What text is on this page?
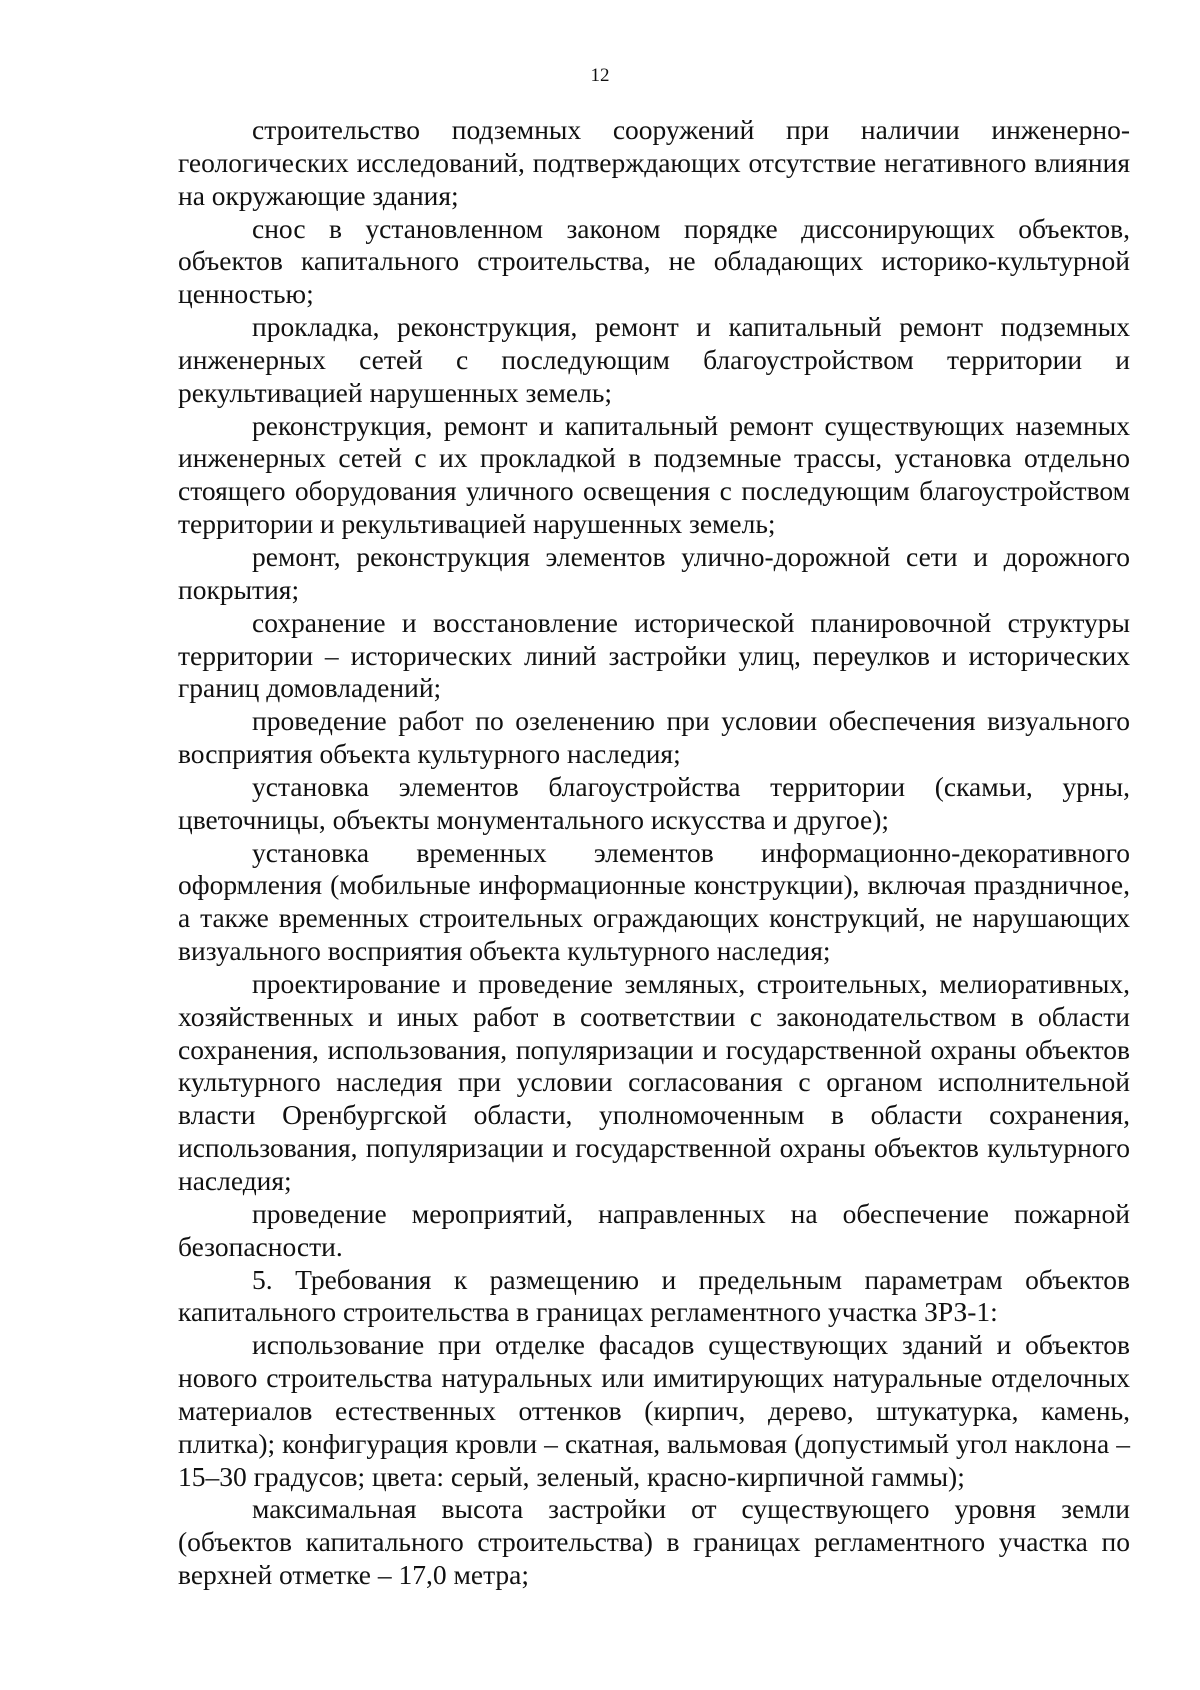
12

строительство подземных сооружений при наличии инженерно-геологических исследований, подтверждающих отсутствие негативного влияния на окружающие здания;

снос в установленном законом порядке диссонирующих объектов, объектов капитального строительства, не обладающих историко-культурной ценностью;

прокладка, реконструкция, ремонт и капитальный ремонт подземных инженерных сетей с последующим благоустройством территории и рекультивацией нарушенных земель;

реконструкция, ремонт и капитальный ремонт существующих наземных инженерных сетей с их прокладкой в подземные трассы, установка отдельно стоящего оборудования уличного освещения с последующим благоустройством территории и рекультивацией нарушенных земель;

ремонт, реконструкция элементов улично-дорожной сети и дорожного покрытия;

сохранение и восстановление исторической планировочной структуры территории – исторических линий застройки улиц, переулков и исторических границ домовладений;

проведение работ по озеленению при условии обеспечения визуального восприятия объекта культурного наследия;

установка элементов благоустройства территории (скамьи, урны, цветочницы, объекты монументального искусства и другое);

установка временных элементов информационно-декоративного оформления (мобильные информационные конструкции), включая праздничное, а также временных строительных ограждающих конструкций, не нарушающих визуального восприятия объекта культурного наследия;

проектирование и проведение земляных, строительных, мелиоративных, хозяйственных и иных работ в соответствии с законодательством в области сохранения, использования, популяризации и государственной охраны объектов культурного наследия при условии согласования с органом исполнительной власти Оренбургской области, уполномоченным в области сохранения, использования, популяризации и государственной охраны объектов культурного наследия;

проведение мероприятий, направленных на обеспечение пожарной безопасности.

5. Требования к размещению и предельным параметрам объектов капитального строительства в границах регламентного участка ЗРЗ-1:

использование при отделке фасадов существующих зданий и объектов нового строительства натуральных или имитирующих натуральные отделочных материалов естественных оттенков (кирпич, дерево, штукатурка, камень, плитка); конфигурация кровли – скатная, вальмовая (допустимый угол наклона – 15–30 градусов; цвета: серый, зеленый, красно-кирпичной гаммы);

максимальная высота застройки от существующего уровня земли (объектов капитального строительства) в границах регламентного участка по верхней отметке – 17,0 метра;
